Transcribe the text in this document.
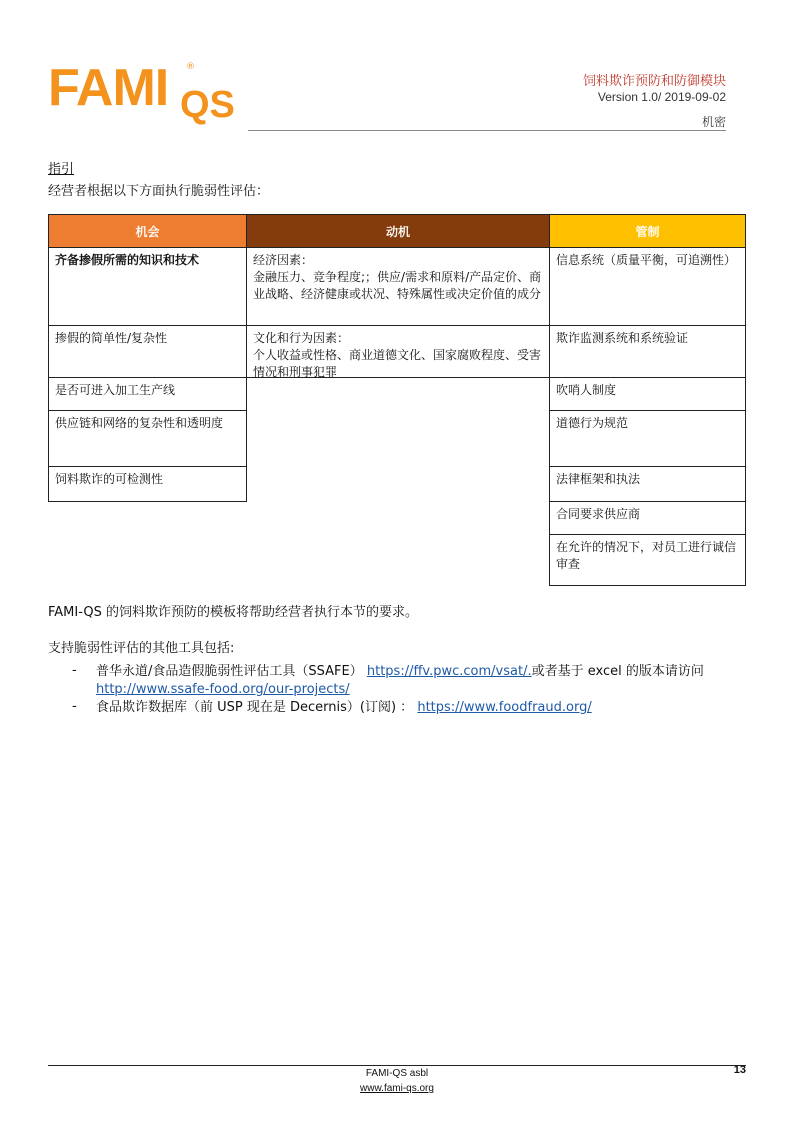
FAMI ®
QS
饲料欺诈预防和防御模块
Version 1.0/ 2019-09-02
机密
指引
经营者根据以下方面执行脆弱性评估：
机会	动机	管制
齐备掺假所需的知识和技术
掺假的简单性/复杂性
是否可进入加工生产线
供应链和网络的复杂性和透明度
饲料欺诈的可检测性
经济因素：
金融压力、竞争程度;；供应/需求和原料/产品定价、商业战略、经济健康或状况、特殊属性或决定价值的成分
文化和行为因素：
个人收益或性格、商业道德文化、国家腐败程度、受害情况和刑事犯罪
信息系统（质量平衡，可追溯性）
欺诈监测系统和系统验证
吹哨人制度
道德行为规范
法律框架和执法
合同要求供应商
在允许的情况下，对员工进行诚信审查
FAMI-QS 的饲料欺诈预防的模板将帮助经营者执行本节的要求。
支持脆弱性评估的其他工具包括:
- 普华永道/食品造假脆弱性评估工具（SSAFE） https://ffv.pwc.com/vsat/.或者基于 excel 的版本请访问
http://www.ssafe-food.org/our-projects/
- 食品欺诈数据库（前 USP 现在是 Decernis）(订阅) ： https://www.foodfraud.org/
13
FAMI-QS asbl
www.fami-qs.org
